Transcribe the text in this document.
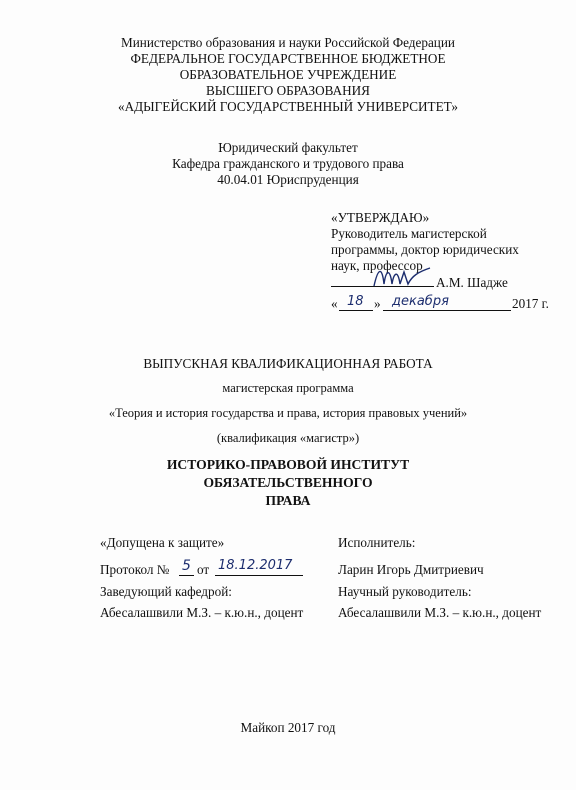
Министерство образования и науки Российской Федерации
ФЕДЕРАЛЬНОЕ ГОСУДАРСТВЕННОЕ БЮДЖЕТНОЕ
ОБРАЗОВАТЕЛЬНОЕ УЧРЕЖДЕНИЕ
ВЫСШЕГО ОБРАЗОВАНИЯ
«АДЫГЕЙСКИЙ ГОСУДАРСТВЕННЫЙ УНИВЕРСИТЕТ»
Юридический факультет
Кафедра гражданского и трудового права
40.04.01 Юриспруденция
«УТВЕРЖДАЮ»
Руководитель магистерской
программы, доктор юридических
наук, профессор
А.М. Шадже
« 18 » декабря	2017 г.
ВЫПУСКНАЯ КВАЛИФИКАЦИОННАЯ РАБОТА
магистерская программа
«Теория и история государства и права, история правовых учений»
(квалификация «магистр»)
ИСТОРИКО-ПРАВОВОЙ ИНСТИТУТ ОБЯЗАТЕЛЬСТВЕННОГО
ПРАВА
«Допущена к защите»
Протокол № 5 от 18.12.2017
Заведующий кафедрой:
Абесалашвили М.З. – к.ю.н., доцент
Исполнитель:
Ларин Игорь Дмитриевич
Научный руководитель:
Абесалашвили М.З. – к.ю.н., доцент
Майкоп 2017 год
